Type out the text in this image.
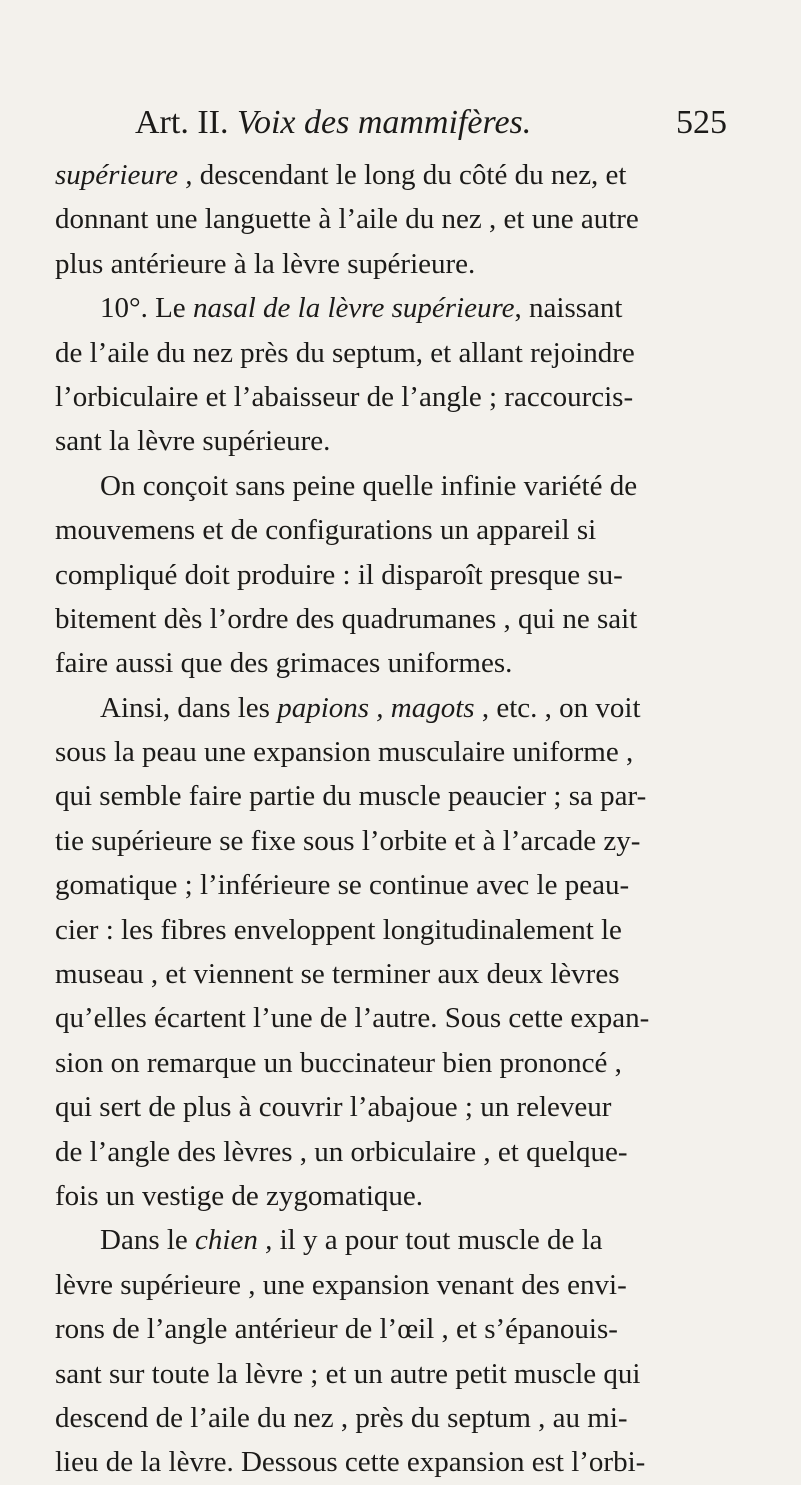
Art. II. Voix des mammifères.	525
supérieure , descendant le long du côté du nez, et
donnant une languette à l’aile du nez , et une autre
plus antérieure à la lèvre supérieure.
10°. Le nasal de la lèvre supérieure, naissant
de l’aile du nez près du septum, et allant rejoindre
l’orbiculaire et l’abaisseur de l’angle ; raccourcis-
sant la lèvre supérieure.
On conçoit sans peine quelle infinie variété de
mouvemens et de configurations un appareil si
compliqué doit produire : il disparoît presque su-
bitement dès l’ordre des quadrumanes , qui ne sait
faire aussi que des grimaces uniformes.
Ainsi, dans les papions , magots , etc. , on voit
sous la peau une expansion musculaire uniforme ,
qui semble faire partie du muscle peaucier ; sa par-
tie supérieure se fixe sous l’orbite et à l’arcade zy-
gomatique ; l’inférieure se continue avec le peau-
cier : les fibres enveloppent longitudinalement le
museau , et viennent se terminer aux deux lèvres
qu’elles écartent l’une de l’autre. Sous cette expan-
sion on remarque un buccinateur bien prononcé ,
qui sert de plus à couvrir l’abajoue ; un releveur
de l’angle des lèvres , un orbiculaire , et quelque-
fois un vestige de zygomatique.
Dans le chien , il y a pour tout muscle de la
lèvre supérieure , une expansion venant des envi-
rons de l’angle antérieur de l’œil , et s’épanouis-
sant sur toute la lèvre ; et un autre petit muscle qui
descend de l’aile du nez , près du septum , au mi-
lieu de la lèvre. Dessous cette expansion est l’orbi-
